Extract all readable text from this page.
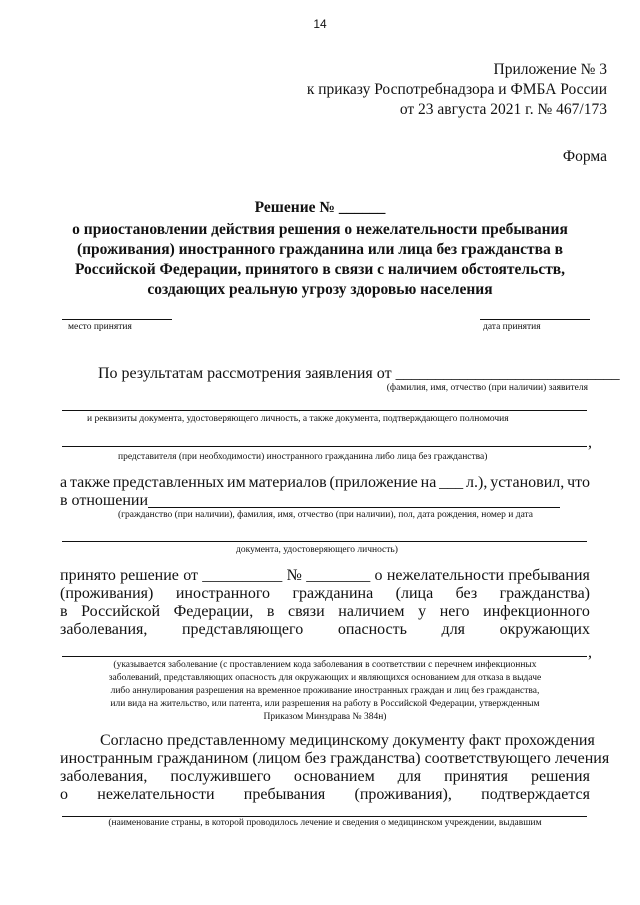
14
Приложение № 3
к приказу Роспотребнадзора и ФМБА России
от 23 августа 2021 г. № 467/173
Форма
Решение № ______
о приостановлении действия решения о нежелательности пребывания
(проживания) иностранного гражданина или лица без гражданства в
Российской Федерации, принятого в связи с наличием обстоятельств,
создающих реальную угрозу здоровью населения
место принятия	дата принятия
По результатам рассмотрения заявления от ____________________________
(фамилия, имя, отчество (при наличии) заявителя
и реквизиты документа, удостоверяющего личность, а также документа, подтверждающего полномочия
,
представителя (при необходимости) иностранного гражданина либо лица без гражданства)
а также представленных им материалов (приложение на ___ л.), установил, что
в отношении
(гражданство (при наличии), фамилия, имя, отчество (при наличии), пол, дата рождения, номер и дата
документа, удостоверяющего личность)
принято решение от __________ № ________ о нежелательности пребывания
(проживания) иностранного гражданина (лица без гражданства)
в Российской Федерации, в связи наличием у него инфекционного
заболевания, представляющего опасность для окружающих
,
(указывается заболевание (с проставлением кода заболевания в соответствии с перечнем инфекционных
заболеваний, представляющих опасность для окружающих и являющихся основанием для отказа в выдаче
либо аннулирования разрешения на временное проживание иностранных граждан и лиц без гражданства,
или вида на жительство, или патента, или разрешения на работу в Российской Федерации, утвержденным
Приказом Минздрава № 384н)
Согласно представленному медицинскому документу факт прохождения
иностранным гражданином (лицом без гражданства) соответствующего лечения
заболевания, послужившего основанием для принятия решения
о нежелательности пребывания (проживания), подтверждается
(наименование страны, в которой проводилось лечение и сведения о медицинском учреждении, выдавшим
